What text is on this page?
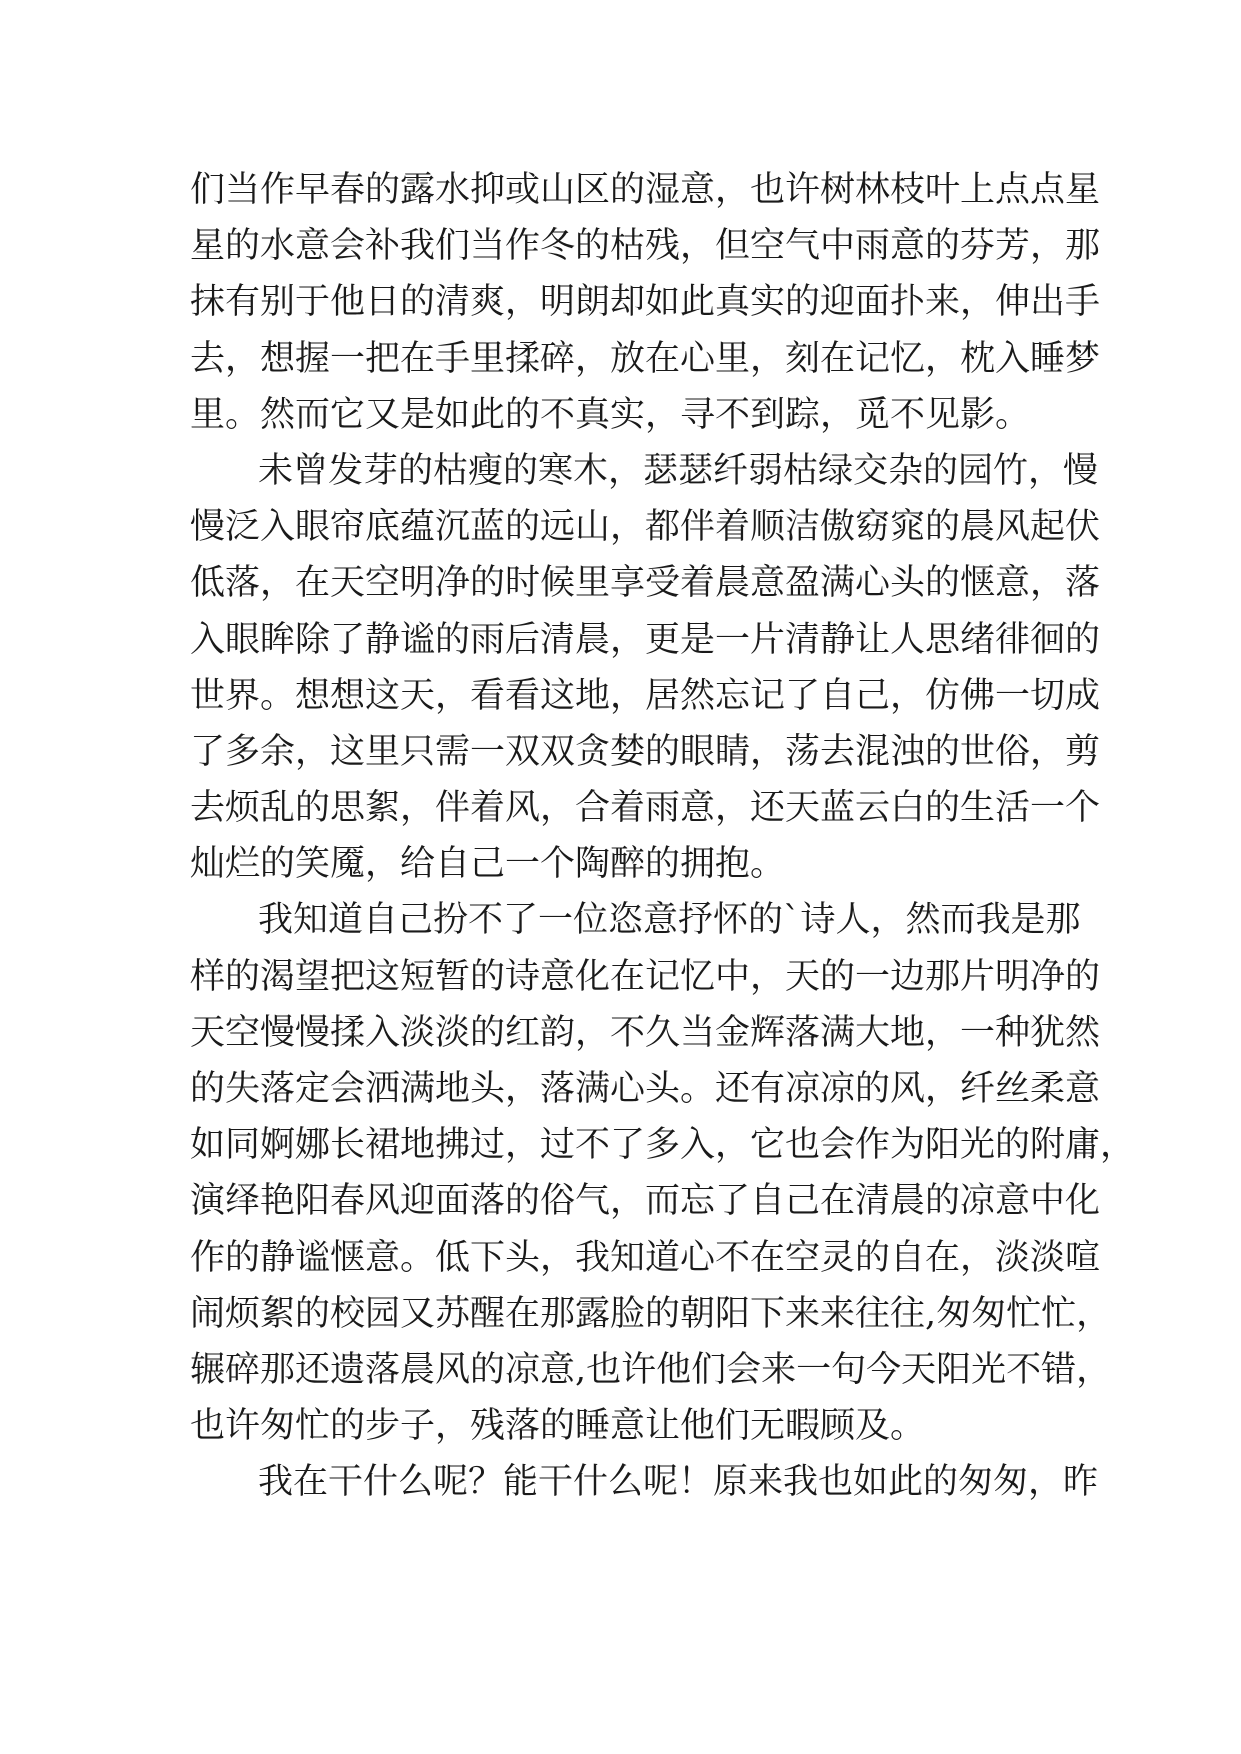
们当作早春的露水抑或山区的湿意，也许树林枝叶上点点星
星的水意会补我们当作冬的枯残，但空气中雨意的芬芳，那
抹有别于他日的清爽，明朗却如此真实的迎面扑来，伸出手
去，想握一把在手里揉碎，放在心里，刻在记忆，枕入睡梦
里。然而它又是如此的不真实，寻不到踪，觅不见影。
未曾发芽的枯瘦的寒木，瑟瑟纤弱枯绿交杂的园竹，慢
慢泛入眼帘底蕴沉蓝的远山，都伴着顺洁傲窈窕的晨风起伏
低落，在天空明净的时候里享受着晨意盈满心头的惬意，落
入眼眸除了静谧的雨后清晨，更是一片清静让人思绪徘徊的
世界。想想这天，看看这地，居然忘记了自己，仿佛一切成
了多余，这里只需一双双贪婪的眼睛，荡去混浊的世俗，剪
去烦乱的思絮，伴着风，合着雨意，还天蓝云白的生活一个
灿烂的笑魇，给自己一个陶醉的拥抱。
我知道自己扮不了一位恣意抒怀的`诗人，然而我是那
样的渴望把这短暂的诗意化在记忆中，天的一边那片明净的
天空慢慢揉入淡淡的红韵，不久当金辉落满大地，一种犹然
的失落定会洒满地头，落满心头。还有凉凉的风，纤丝柔意
如同婀娜长裙地拂过，过不了多入，它也会作为阳光的附庸，
演绎艳阳春风迎面落的俗气，而忘了自己在清晨的凉意中化
作的静谧惬意。低下头，我知道心不在空灵的自在，淡淡喧
闹烦絮的校园又苏醒在那露脸的朝阳下来来往往,匆匆忙忙，
辗碎那还遗落晨风的凉意,也许他们会来一句今天阳光不错，
也许匆忙的步子，残落的睡意让他们无暇顾及。
我在干什么呢？能干什么呢！原来我也如此的匆匆，昨
